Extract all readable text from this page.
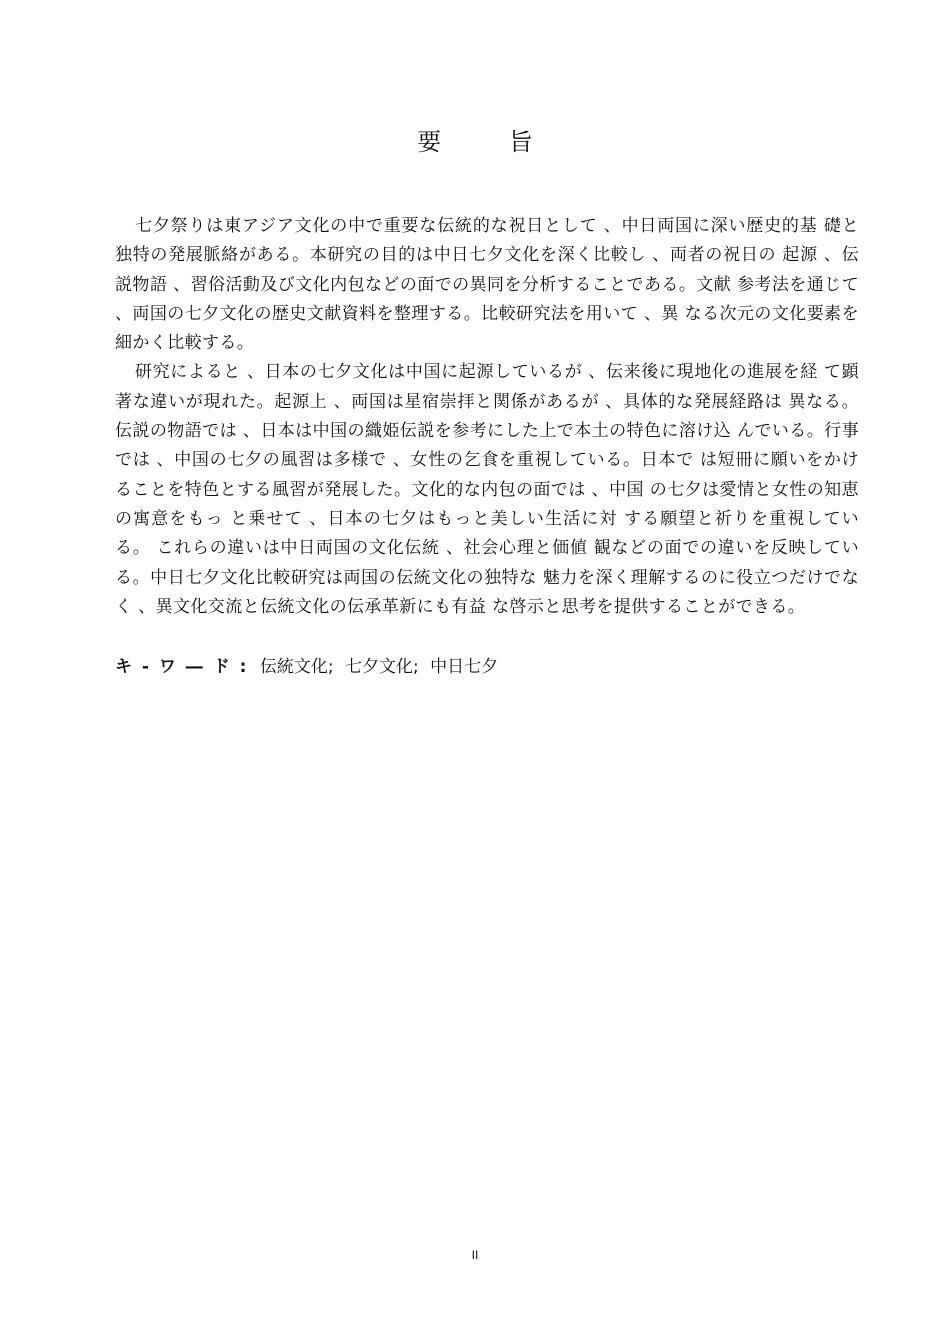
要 旨

七夕祭りは東アジア文化の中で重要な伝統的な祝日として 、中日両国に深い歴史的基 礎と独特の発展脈絡がある。本研究の目的は中日七夕文化を深く比較し 、両者の祝日の 起源 、伝説物語 、習俗活動及び文化内包などの面での異同を分析することである。文献 参考法を通じて 、両国の七夕文化の歴史文献資料を整理する。比較研究法を用いて 、異 なる次元の文化要素を細かく比較する。

研究によると 、日本の七夕文化は中国に起源しているが 、伝来後に現地化の進展を経 て顕著な違いが現れた。起源上 、両国は星宿崇拝と関係があるが 、具体的な発展経路は 異なる。伝説の物語では 、日本は中国の織姫伝説を参考にした上で本土の特色に溶け込 んでいる。行事では 、中国の七夕の風習は多様で 、女性の乞食を重視している。日本で は短冊に願いをかけることを特色とする風習が発展した。文化的な内包の面では 、中国 の七夕は愛情と女性の知恵の寓意をもっ と乗せて 、日本の七夕はもっと美しい生活に対 する願望と祈りを重視している。 これらの違いは中日両国の文化伝統 、社会心理と価値 観などの面での違いを反映している。中日七夕文化比較研究は両国の伝統文化の独特な 魅力を深く理解するのに役立つだけでなく 、異文化交流と伝統文化の伝承革新にも有益 な啓示と思考を提供することができる。

キ - ワ ― ド : 伝統文化; 七夕文化; 中日七夕
II
